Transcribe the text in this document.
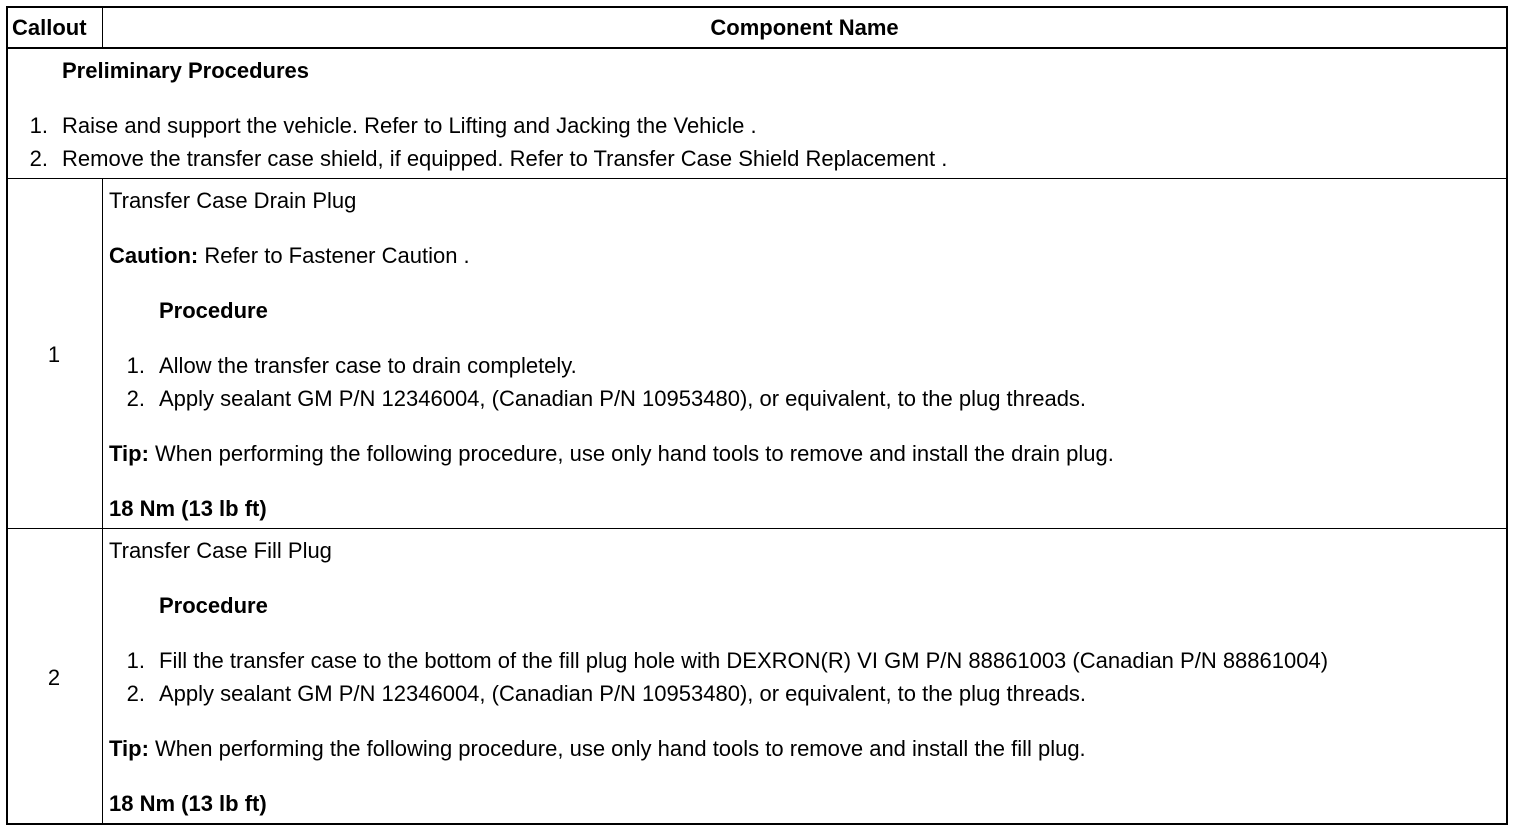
Callout	Component Name
Preliminary Procedures
1. Raise and support the vehicle. Refer to Lifting and Jacking the Vehicle .
2. Remove the transfer case shield, if equipped. Refer to Transfer Case Shield Replacement .
1
Transfer Case Drain Plug
Caution: Refer to Fastener Caution .
Procedure
1. Allow the transfer case to drain completely.
2. Apply sealant GM P/N 12346004, (Canadian P/N 10953480), or equivalent, to the plug threads.
Tip: When performing the following procedure, use only hand tools to remove and install the drain plug.
18 Nm (13 lb ft)
2
Transfer Case Fill Plug
Procedure
1. Fill the transfer case to the bottom of the fill plug hole with DEXRON(R) VI GM P/N 88861003 (Canadian P/N 88861004)
2. Apply sealant GM P/N 12346004, (Canadian P/N 10953480), or equivalent, to the plug threads.
Tip: When performing the following procedure, use only hand tools to remove and install the fill plug.
18 Nm (13 lb ft)
